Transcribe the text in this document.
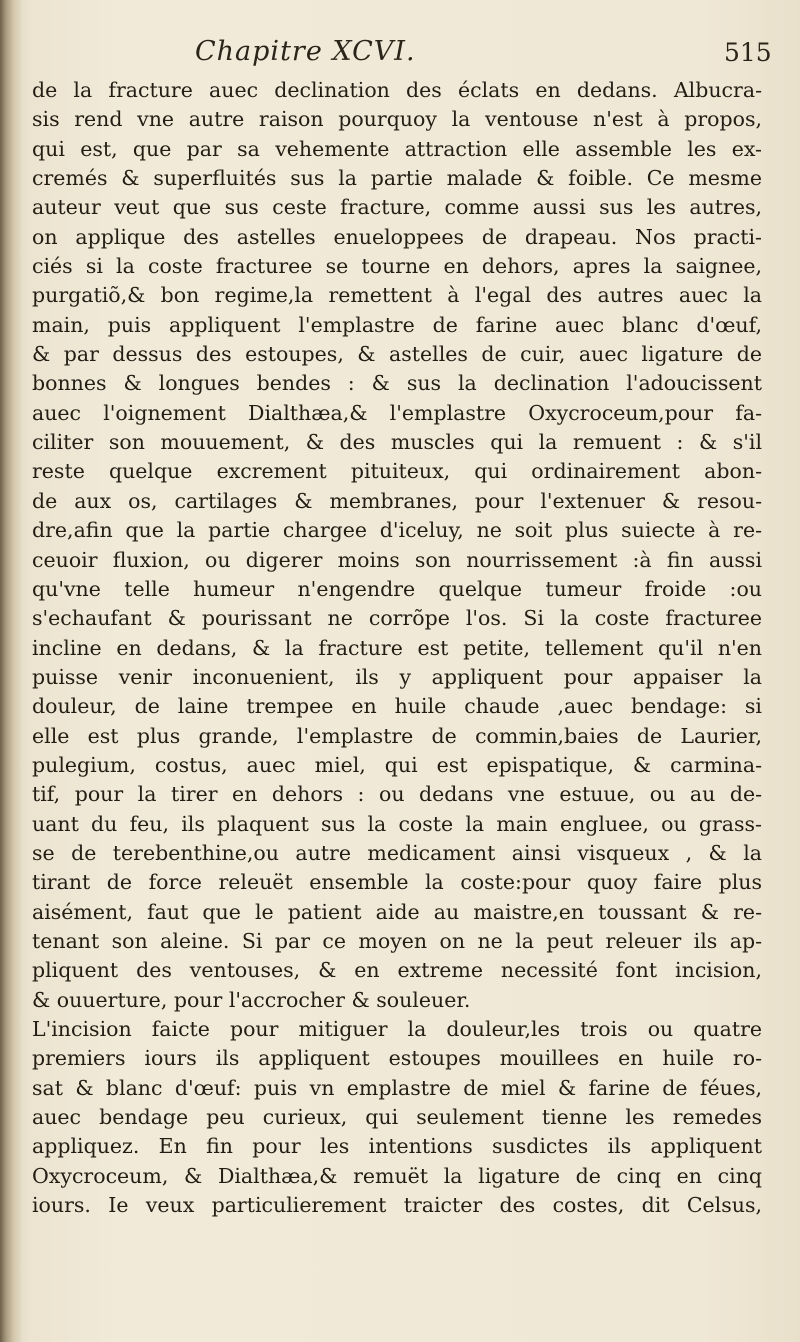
Chapitre XCVI.	515
de la fracture auec declination des éclats en dedans. Albucra-
sis rend vne autre raison pourquoy la ventouse n'est à propos,
qui est, que par sa vehemente attraction elle assemble les ex-
cremés & superfluités sus la partie malade & foible. Ce mesme
auteur veut que sus ceste fracture, comme aussi sus les autres,
on applique des astelles enueloppees de drapeau. Nos practi-
ciés si la coste fracturee se tourne en dehors, apres la saignee,
purgatiõ,& bon regime,la remettent à l'egal des autres auec la
main, puis appliquent l'emplastre de farine auec blanc d'œuf,
& par dessus des estoupes, & astelles de cuir, auec ligature de
bonnes & longues bendes : & sus la declination l'adoucissent
auec l'oignement Dialthæa,& l'emplastre Oxycroceum,pour fa-
ciliter son mouuement, & des muscles qui la remuent : & s'il
reste quelque excrement pituiteux, qui ordinairement abon-
de aux os, cartilages & membranes, pour l'extenuer & resou-
dre,afin que la partie chargee d'iceluy, ne soit plus suiecte à re-
ceuoir fluxion, ou digerer moins son nourrissement :à fin aussi
qu'vne telle humeur n'engendre quelque tumeur froide :ou
s'echaufant & pourissant ne corrõpe l'os. Si la coste fracturee
incline en dedans, & la fracture est petite, tellement qu'il n'en
puisse venir inconuenient, ils y appliquent pour appaiser la
douleur, de laine trempee en huile chaude ,auec bendage: si
elle est plus grande, l'emplastre de commin,baies de Laurier,
pulegium, costus, auec miel, qui est epispatique, & carmina-
tif, pour la tirer en dehors : ou dedans vne estuue, ou au de-
uant du feu, ils plaquent sus la coste la main engluee, ou grass-
se de terebenthine,ou autre medicament ainsi visqueux , & la
tirant de force releuët ensemble la coste:pour quoy faire plus
aisément, faut que le patient aide au maistre,en toussant & re-
tenant son aleine. Si par ce moyen on ne la peut releuer ils ap-
pliquent des ventouses, & en extreme necessité font incision,
& ouuerture, pour l'accrocher & souleuer.
L'incision faicte pour mitiguer la douleur,les trois ou quatre
premiers iours ils appliquent estoupes mouillees en huile ro-
sat & blanc d'œuf: puis vn emplastre de miel & farine de féues,
auec bendage peu curieux, qui seulement tienne les remedes
appliquez. En fin pour les intentions susdictes ils appliquent
Oxycroceum, & Dialthæa,& remuët la ligature de cinq en cinq
iours. Ie veux particulierement traicter des costes, dit Celsus,
